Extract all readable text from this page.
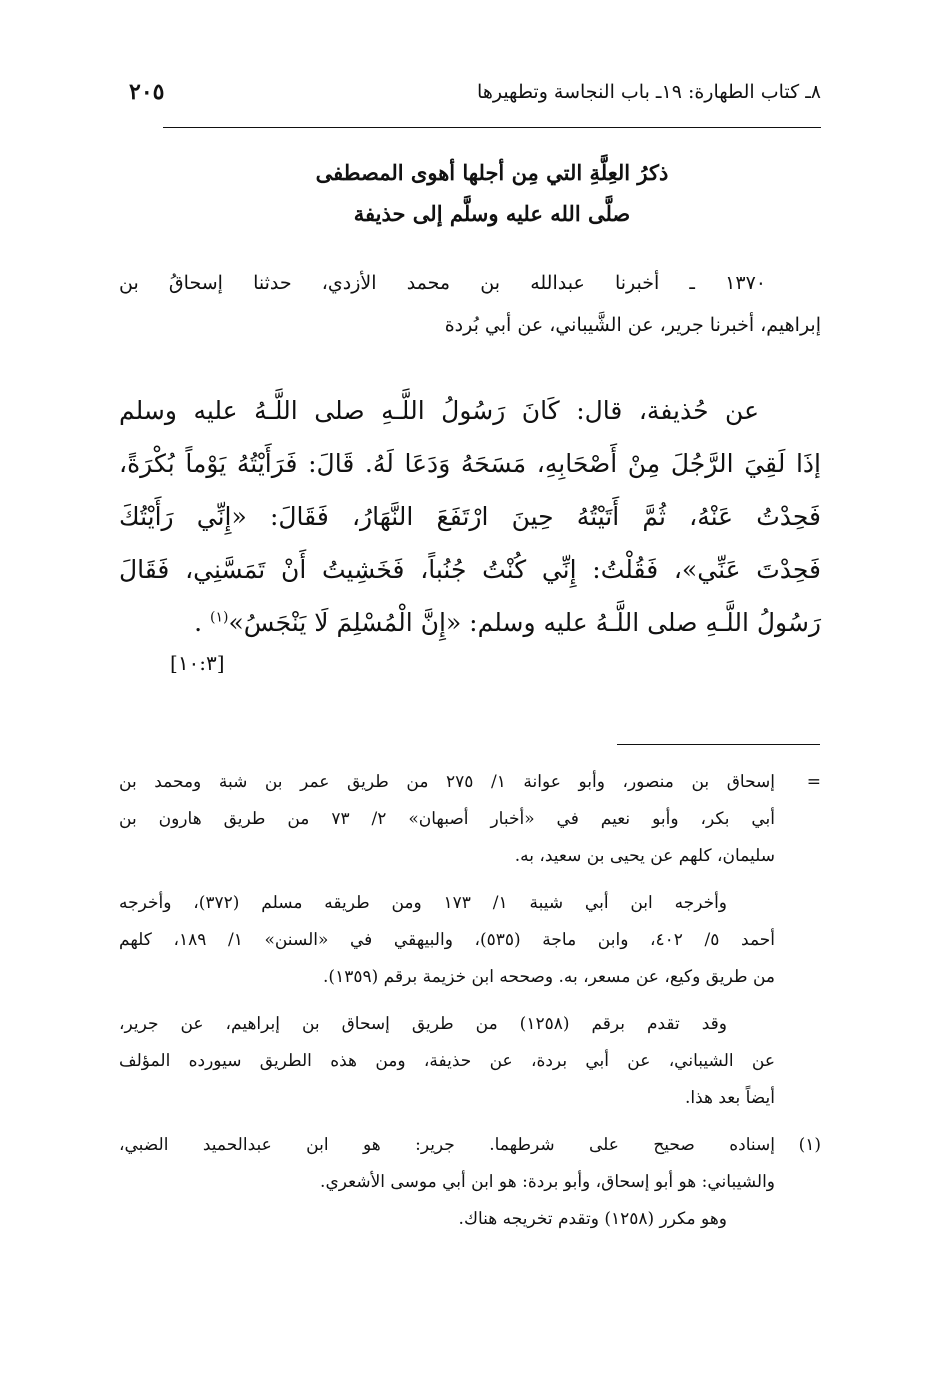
٨ـ كتاب الطهارة: ١٩ـ باب النجاسة وتطهيرها
٢٠٥
ذكرُ العِلَّةِ التي مِن أجلها أهوى المصطفى
صلَّى الله عليه وسلَّم إلى حذيفة
١٣٧٠ ـ أخبرنا عبدالله بن محمد الأزدي، حدثنا إسحاقُ بن
إبراهيم، أخبرنا جرير، عن الشَّيباني، عن أبي بُردة
عن حُذيفة، قال: كَانَ رَسُولُ اللَّـهِ صلى اللَّـهُ عليه وسلم
إذَا لَقِيَ الرَّجُلَ مِنْ أَصْحَابِهِ، مَسَحَهُ وَدَعَا لَهُ. قَالَ: فَرَأَيْتُهُ يَوْماً بُكْرَةً،
فَحِدْتُ عَنْهُ، ثُمَّ أَتَيْتُهُ حِينَ ارْتَفَعَ النَّهَارُ، فَقَالَ: «إِنِّي رَأَيْتُكَ
فَحِدْتَ عَنِّي»، فَقُلْتُ: إِنِّي كُنْتُ جُنُباً، فَخَشِيتُ أَنْ تَمَسَّنِي، فَقَالَ
رَسُولُ اللَّـهِ صلى اللَّـهُ عليه وسلم: «إِنَّ الْمُسْلِمَ لَا يَنْجَسُ»$^{(١)}$ .
[١٠:٣]
=
إسحاق بن منصور، وأبو عوانة ١/ ٢٧٥ من طريق عمر بن شبة ومحمد بن
أبي بكر، وأبو نعيم في «أخبار أصبهان» ٢/ ٧٣ من طريق هارون بن
سليمان، كلهم عن يحيى بن سعيد، به.
وأخرجه ابن أبي شيبة ١/ ١٧٣ ومن طريقه مسلم (٣٧٢)، وأخرجه
أحمد ٥/ ٤٠٢، وابن ماجة (٥٣٥)، والبيهقي في «السنن» ١/ ١٨٩، كلهم
من طريق وكيع، عن مسعر، به. وصححه ابن خزيمة برقم (١٣٥٩).
وقد تقدم برقم (١٢٥٨) من طريق إسحاق بن إبراهيم، عن جرير،
عن الشيباني، عن أبي بردة، عن حذيفة، ومن هذه الطريق سيورده المؤلف
أيضاً بعد هذا.
(١)
إسناده صحيح على شرطهما. جرير: هو ابن عبدالحميد الضبي،
والشيباني: هو أبو إسحاق، وأبو بردة: هو ابن أبي موسى الأشعري.
وهو مكرر (١٢٥٨) وتقدم تخريجه هناك.
